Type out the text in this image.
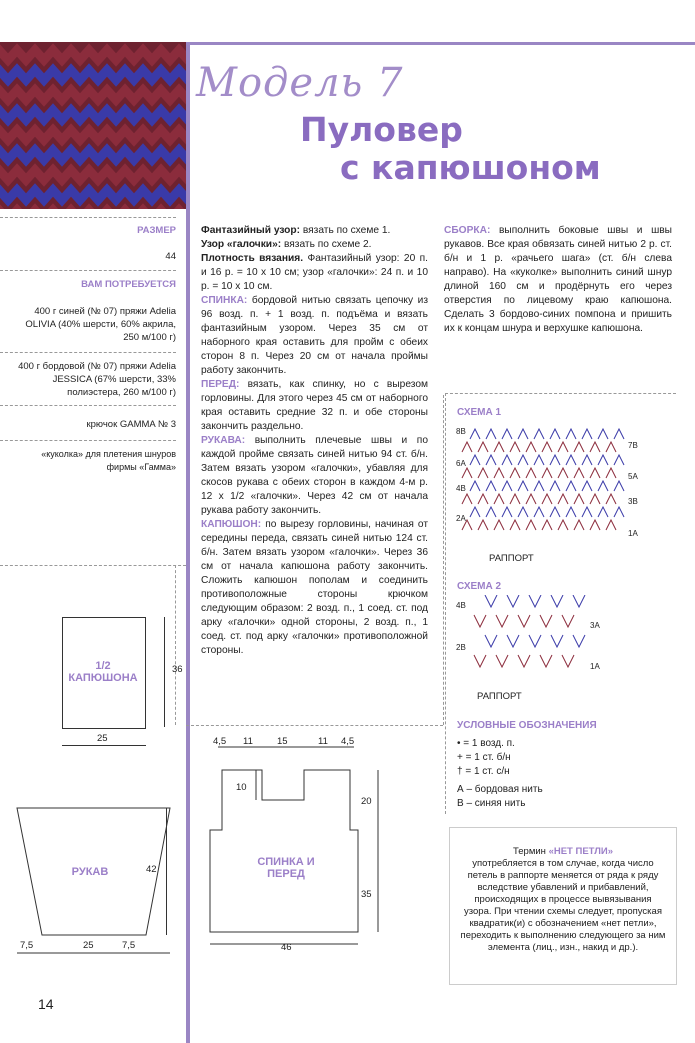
Модель 7
Пуловер
с капюшоном
РАЗМЕР
44
ВАМ ПОТРЕБУЕТСЯ
400 г синей (№ 07) пряжи Adelia OLIVIA (40% шерсти, 60% акрила, 250 м/100 г)
400 г бордовой (№ 07) пряжи Adelia JESSICA (67% шерсти, 33% полиэстера, 260 м/100 г)
крючок GAMMA № 3
«куколка» для плетения шнуров фирмы «Гамма»

Фантазийный узор: вязать по схеме 1.

Узор «галочки»: вязать по схеме 2.

Плотность вязания. Фантазийный узор: 20 п. и 16 р. = 10 х 10 см; узор «галочки»: 24 п. и 10 р. = 10 х 10 см.

СПИНКА: бордовой нитью связать цепочку из 96 возд. п. + 1 возд. п. подъёма и вязать фантазийным узором. Через 35 см от наборного края оставить для пройм с обеих сторон 8 п. Через 20 см от начала проймы работу закончить.

ПЕРЕД: вязать, как спинку, но с вырезом горловины. Для этого через 45 см от наборного края оставить средние 32 п. и обе стороны закончить раздельно.

РУКАВА: выполнить плечевые швы и по каждой пройме связать синей нитью 94 ст. б/н. Затем вязать узором «галочки», убавляя для скосов рукава с обеих сторон в каждом 4-м р. 12 х 1/2 «галочки». Через 42 см от начала рукава работу закончить.

КАПЮШОН: по вырезу горловины, начиная от середины переда, связать синей нитью 124 ст. б/н. Затем вязать узором «галочки». Через 36 см от начала капюшона работу закончить. Сложить капюшон пополам и соединить противоположные стороны крючком следующим образом: 2 возд. п., 1 соед. ст. под арку «галочки» одной стороны, 2 возд. п., 1 соед. ст. под арку «галочки» противоположной стороны.

СБОРКА: выполнить боковые швы и швы рукавов. Все края обвязать синей нитью 2 р. ст. б/н и 1 р. «рачьего шага» (ст. б/н слева направо). На «куколке» выполнить синий шнур длиной 160 см и продёрнуть его через отверстия по лицевому краю капюшона. Сделать 3 бордово-синих помпона и пришить их к концам шнура и верхушке капюшона.

СХЕМА 1
8В
6А
4В
2А
7В
5А
3В
1А
РАППОРТ
СХЕМА 2
4В
2В
3А
1А
РАППОРТ
УСЛОВНЫЕ ОБОЗНАЧЕНИЯ
• = 1 возд. п.
+ = 1 ст. б/н
† = 1 ст. с/н
А – бордовая нить
В – синяя нить
Термин «НЕТ ПЕТЛИ»
употребляется в том случае, когда число петель в раппорте меняется от ряда к ряду вследствие убавлений и прибавлений, происходящих в процессе вывязывания узора. При чтении схемы следует, пропуская квадратик(и) с обозначением «нет петли», переходить к выполнению следующего за ним элемента (лиц., изн., накид и др.).
1/2 КАПЮШОНА
36
25
РУКАВ	42
7,5	25	7,5
СПИНКА И ПЕРЕД
4,5 11	15	11 4,5
10
20
35
46
14
